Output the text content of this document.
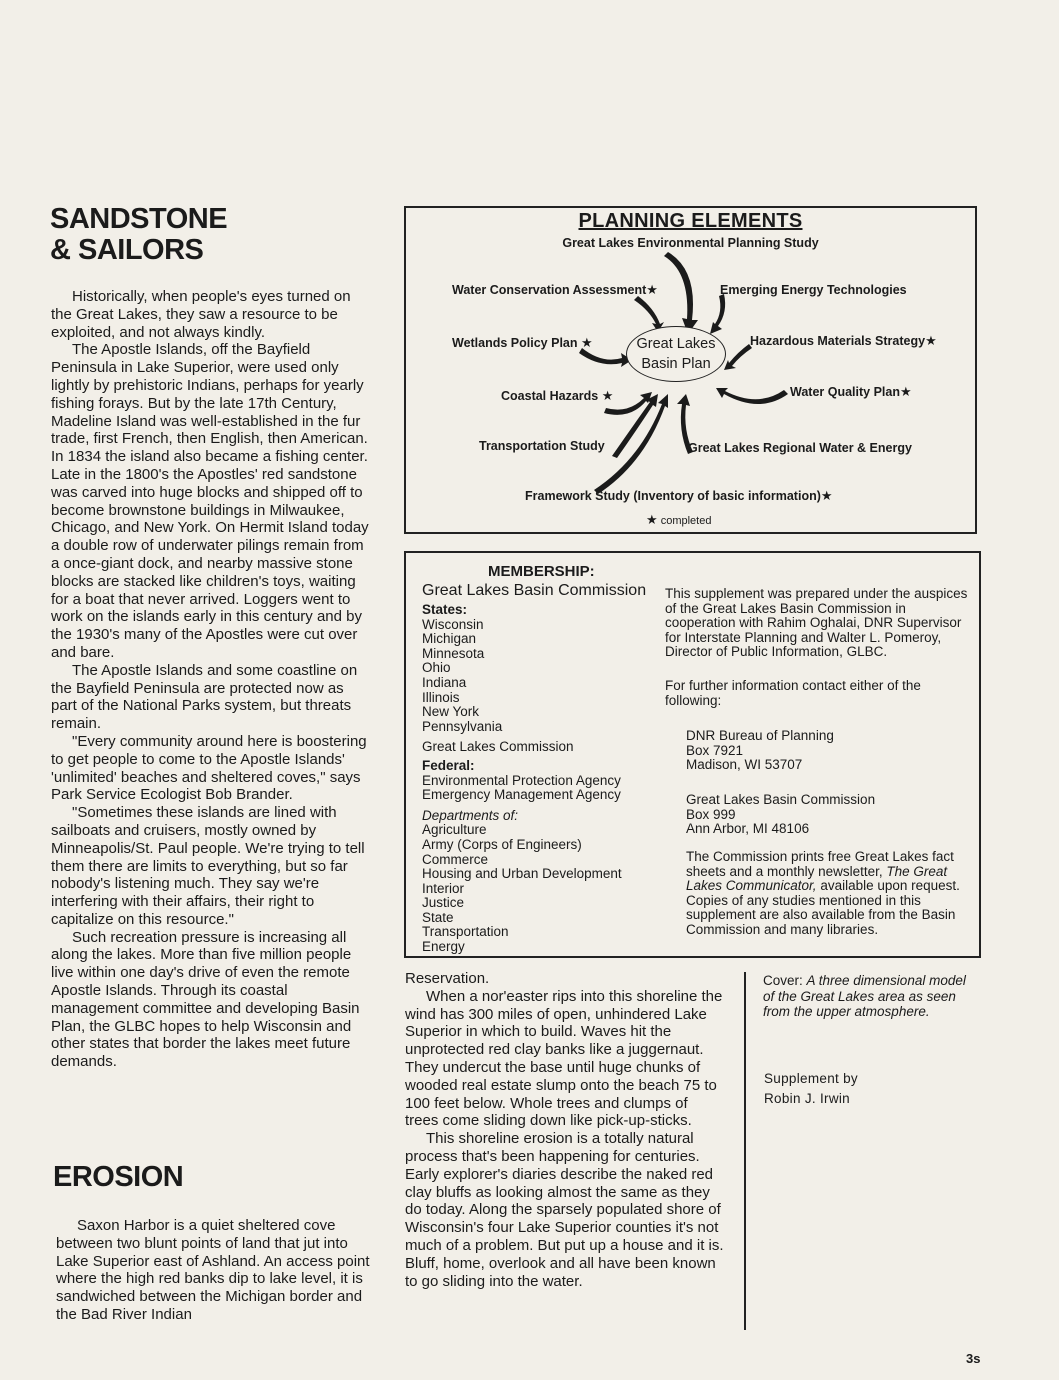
SANDSTONE
& SAILORS

Historically, when people's eyes turned on the Great Lakes, they saw a resource to be exploited, and not always kindly.

The Apostle Islands, off the Bayfield Peninsula in Lake Superior, were used only lightly by prehistoric Indians, perhaps for yearly fishing forays. But by the late 17th Century, Madeline Island was well-established in the fur trade, first French, then English, then American. In 1834 the island also became a fishing center. Late in the 1800's the Apostles' red sandstone was carved into huge blocks and shipped off to become brownstone buildings in Milwaukee, Chicago, and New York. On Hermit Island today a double row of underwater pilings remain from a once-giant dock, and nearby massive stone blocks are stacked like children's toys, waiting for a boat that never arrived. Loggers went to work on the islands early in this century and by the 1930's many of the Apostles were cut over and bare.

The Apostle Islands and some coastline on the Bayfield Peninsula are protected now as part of the National Parks system, but threats remain.

"Every community around here is boostering to get people to come to the Apostle Islands' 'unlimited' beaches and sheltered coves," says Park Service Ecologist Bob Brander.

"Sometimes these islands are lined with sailboats and cruisers, mostly owned by Minneapolis/St. Paul people. We're trying to tell them there are limits to everything, but so far nobody's listening much. They say we're interfering with their affairs, their right to capitalize on this resource."

Such recreation pressure is increasing all along the lakes. More than five million people live within one day's drive of even the remote Apostle Islands. Through its coastal management committee and developing Basin Plan, the GLBC hopes to help Wisconsin and other states that border the lakes meet future demands.

EROSION

Saxon Harbor is a quiet sheltered cove between two blunt points of land that jut into Lake Superior east of Ashland. An access point where the high red banks dip to lake level, it is sandwiched between the Michigan border and the Bad River Indian

PLANNING ELEMENTS
Great Lakes Environmental Planning Study
Great Lakes
Basin Plan
Water Conservation Assessment★	Emerging Energy Technologies
Wetlands Policy Plan ★	Hazardous Materials Strategy★
Coastal Hazards ★	Water Quality Plan★
Transportation Study	Great Lakes Regional Water & Energy
Framework Study (Inventory of basic information)★
★ completed
MEMBERSHIP:
Great Lakes Basin Commission
States:
Wisconsin
Michigan
Minnesota
Ohio
Indiana
Illinois
New York
Pennsylvania
Great Lakes Commission
Federal:
Environmental Protection Agency
Emergency Management Agency
Departments of:
Agriculture
Army (Corps of Engineers)
Commerce
Housing and Urban Development
Interior
Justice
State
Transportation
Energy
This supplement was prepared under the auspices of the Great Lakes Basin Commission in cooperation with Rahim Oghalai, DNR Supervisor for Interstate Planning and Walter L. Pomeroy, Director of Public Information, GLBC.
For further information contact either of the following:
DNR Bureau of Planning
Box 7921
Madison, WI 53707
Great Lakes Basin Commission
Box 999
Ann Arbor, MI 48106
The Commission prints free Great Lakes fact sheets and a monthly newsletter, The Great Lakes Communicator, available upon request. Copies of any studies mentioned in this supplement are also available from the Basin Commission and many libraries.

Reservation.

When a nor'easter rips into this shoreline the wind has 300 miles of open, unhindered Lake Superior in which to build. Waves hit the unprotected red clay banks like a juggernaut. They undercut the base until huge chunks of wooded real estate slump onto the beach 75 to 100 feet below. Whole trees and clumps of trees come sliding down like pick-up-sticks.

This shoreline erosion is a totally natural process that's been happening for centuries. Early explorer's diaries describe the naked red clay bluffs as looking almost the same as they do today. Along the sparsely populated shore of Wisconsin's four Lake Superior counties it's not much of a problem. But put up a house and it is. Bluff, home, overlook and all have been known to go sliding into the water.

Cover: A three dimensional model of the Great Lakes area as seen from the upper atmosphere.
Supplement by
Robin J. Irwin
3s
